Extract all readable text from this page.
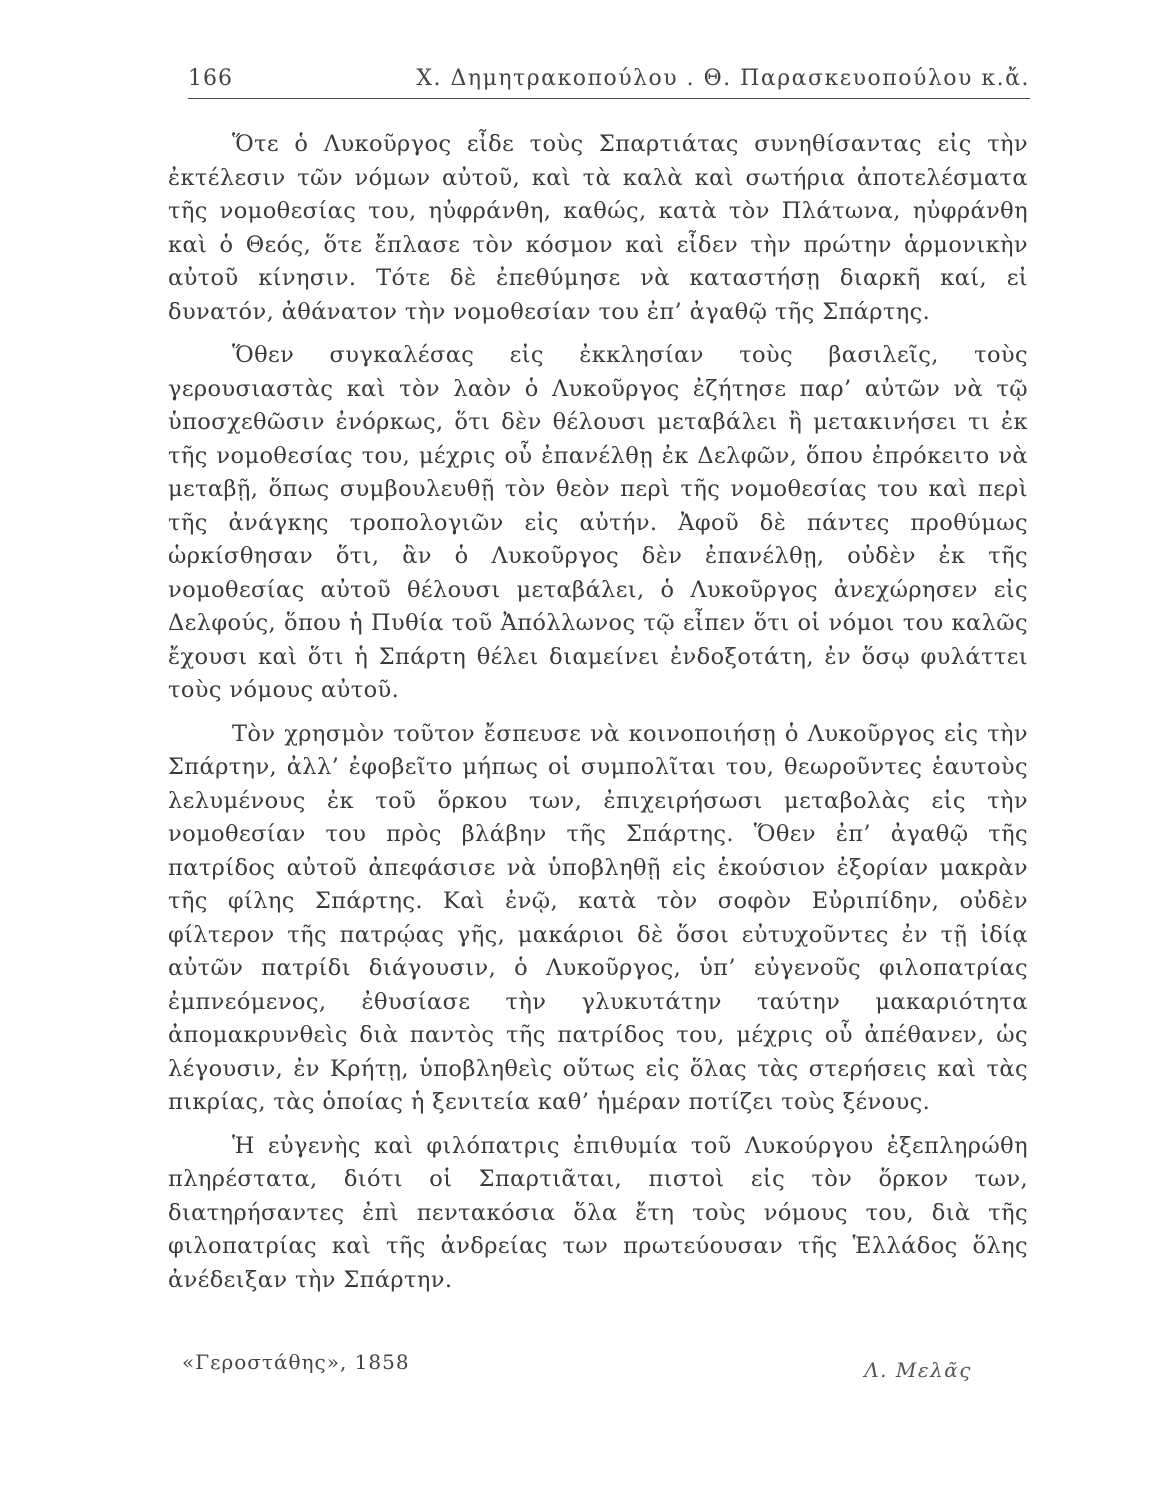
166	Χ. Δημητρακοπούλου . Θ. Παρασκευοπούλου κ.ἄ.

Ὅτε ὁ Λυκοῦργος εἶδε τοὺς Σπαρτιάτας συνηθίσαντας εἰς τὴν ἐκτέλεσιν τῶν νόμων αὐτοῦ, καὶ τὰ καλὰ καὶ σωτήρια ἀποτελέσματα τῆς νομοθεσίας του, ηὐφράνθη, καθώς, κατὰ τὸν Πλάτωνα, ηὐφράνθη καὶ ὁ Θεός, ὅτε ἔπλασε τὸν κόσμον καὶ εἶδεν τὴν πρώτην ἁρμονικὴν αὐτοῦ κίνησιν. Τότε δὲ ἐπεθύμησε νὰ καταστήσῃ διαρκῆ καί, εἰ δυνατόν, ἀθάνατον τὴν νομοθεσίαν του ἐπ’ ἀγαθῷ τῆς Σπάρτης.

Ὅθεν συγκαλέσας εἰς ἐκκλησίαν τοὺς βασιλεῖς, τοὺς γερουσιαστὰς καὶ τὸν λαὸν ὁ Λυκοῦργος ἐζήτησε παρ’ αὐτῶν νὰ τῷ ὑποσχεθῶσιν ἐνόρκως, ὅτι δὲν θέλουσι μεταβάλει ἢ μετακινήσει τι ἐκ τῆς νομοθεσίας του, μέχρις οὗ ἐπανέλθῃ ἐκ Δελφῶν, ὅπου ἐπρόκειτο νὰ μεταβῇ, ὅπως συμβουλευθῇ τὸν θεὸν περὶ τῆς νομοθεσίας του καὶ περὶ τῆς ἀνάγκης τροπολογιῶν εἰς αὐτήν. Ἀφοῦ δὲ πάντες προθύμως ὡρκίσθησαν ὅτι, ἂν ὁ Λυκοῦργος δὲν ἐπανέλθῃ, οὐδὲν ἐκ τῆς νομοθεσίας αὐτοῦ θέλουσι μεταβάλει, ὁ Λυκοῦργος ἀνεχώρησεν εἰς Δελφούς, ὅπου ἡ Πυθία τοῦ Ἀπόλλωνος τῷ εἶπεν ὅτι οἱ νόμοι του καλῶς ἔχουσι καὶ ὅτι ἡ Σπάρτη θέλει διαμείνει ἐνδοξοτάτη, ἐν ὅσῳ φυλάττει τοὺς νόμους αὐτοῦ.

Τὸν χρησμὸν τοῦτον ἔσπευσε νὰ κοινοποιήσῃ ὁ Λυκοῦργος εἰς τὴν Σπάρτην, ἀλλ’ ἐφοβεῖτο μήπως οἱ συμπολῖται του, θεωροῦντες ἑαυτοὺς λελυμένους ἐκ τοῦ ὅρκου των, ἐπιχειρήσωσι μεταβολὰς εἰς τὴν νομοθεσίαν του πρὸς βλάβην τῆς Σπάρτης. Ὅθεν ἐπ’ ἀγαθῷ τῆς πατρίδος αὐτοῦ ἀπεφάσισε νὰ ὑποβληθῇ εἰς ἑκούσιον ἐξορίαν μακρὰν τῆς φίλης Σπάρτης. Καὶ ἐνῷ, κατὰ τὸν σοφὸν Εὐριπίδην, οὐδὲν φίλτερον τῆς πατρῴας γῆς, μακάριοι δὲ ὅσοι εὐτυχοῦντες ἐν τῇ ἰδίᾳ αὐτῶν πατρίδι διάγουσιν, ὁ Λυκοῦργος, ὑπ’ εὐγενοῦς φιλοπατρίας ἐμπνεόμενος, ἐθυσίασε τὴν γλυκυτάτην ταύτην μακαριότητα ἀπομακρυνθεὶς διὰ παντὸς τῆς πατρίδος του, μέχρις οὗ ἀπέθανεν, ὡς λέγουσιν, ἐν Κρήτῃ, ὑποβληθεὶς οὕτως εἰς ὅλας τὰς στερήσεις καὶ τὰς πικρίας, τὰς ὁποίας ἡ ξενιτεία καθ’ ἡμέραν ποτίζει τοὺς ξένους.

Ἡ εὐγενὴς καὶ φιλόπατρις ἐπιθυμία τοῦ Λυκούργου ἐξεπληρώθη πληρέστατα, διότι οἱ Σπαρτιᾶται, πιστοὶ εἰς τὸν ὅρκον των, διατηρήσαντες ἐπὶ πεντακόσια ὅλα ἔτη τοὺς νόμους του, διὰ τῆς φιλοπατρίας καὶ τῆς ἀνδρείας των πρωτεύουσαν τῆς Ἑλλάδος ὅλης ἀνέδειξαν τὴν Σπάρτην.

«Γεροστάθης», 1858	Λ. Μελᾶς
